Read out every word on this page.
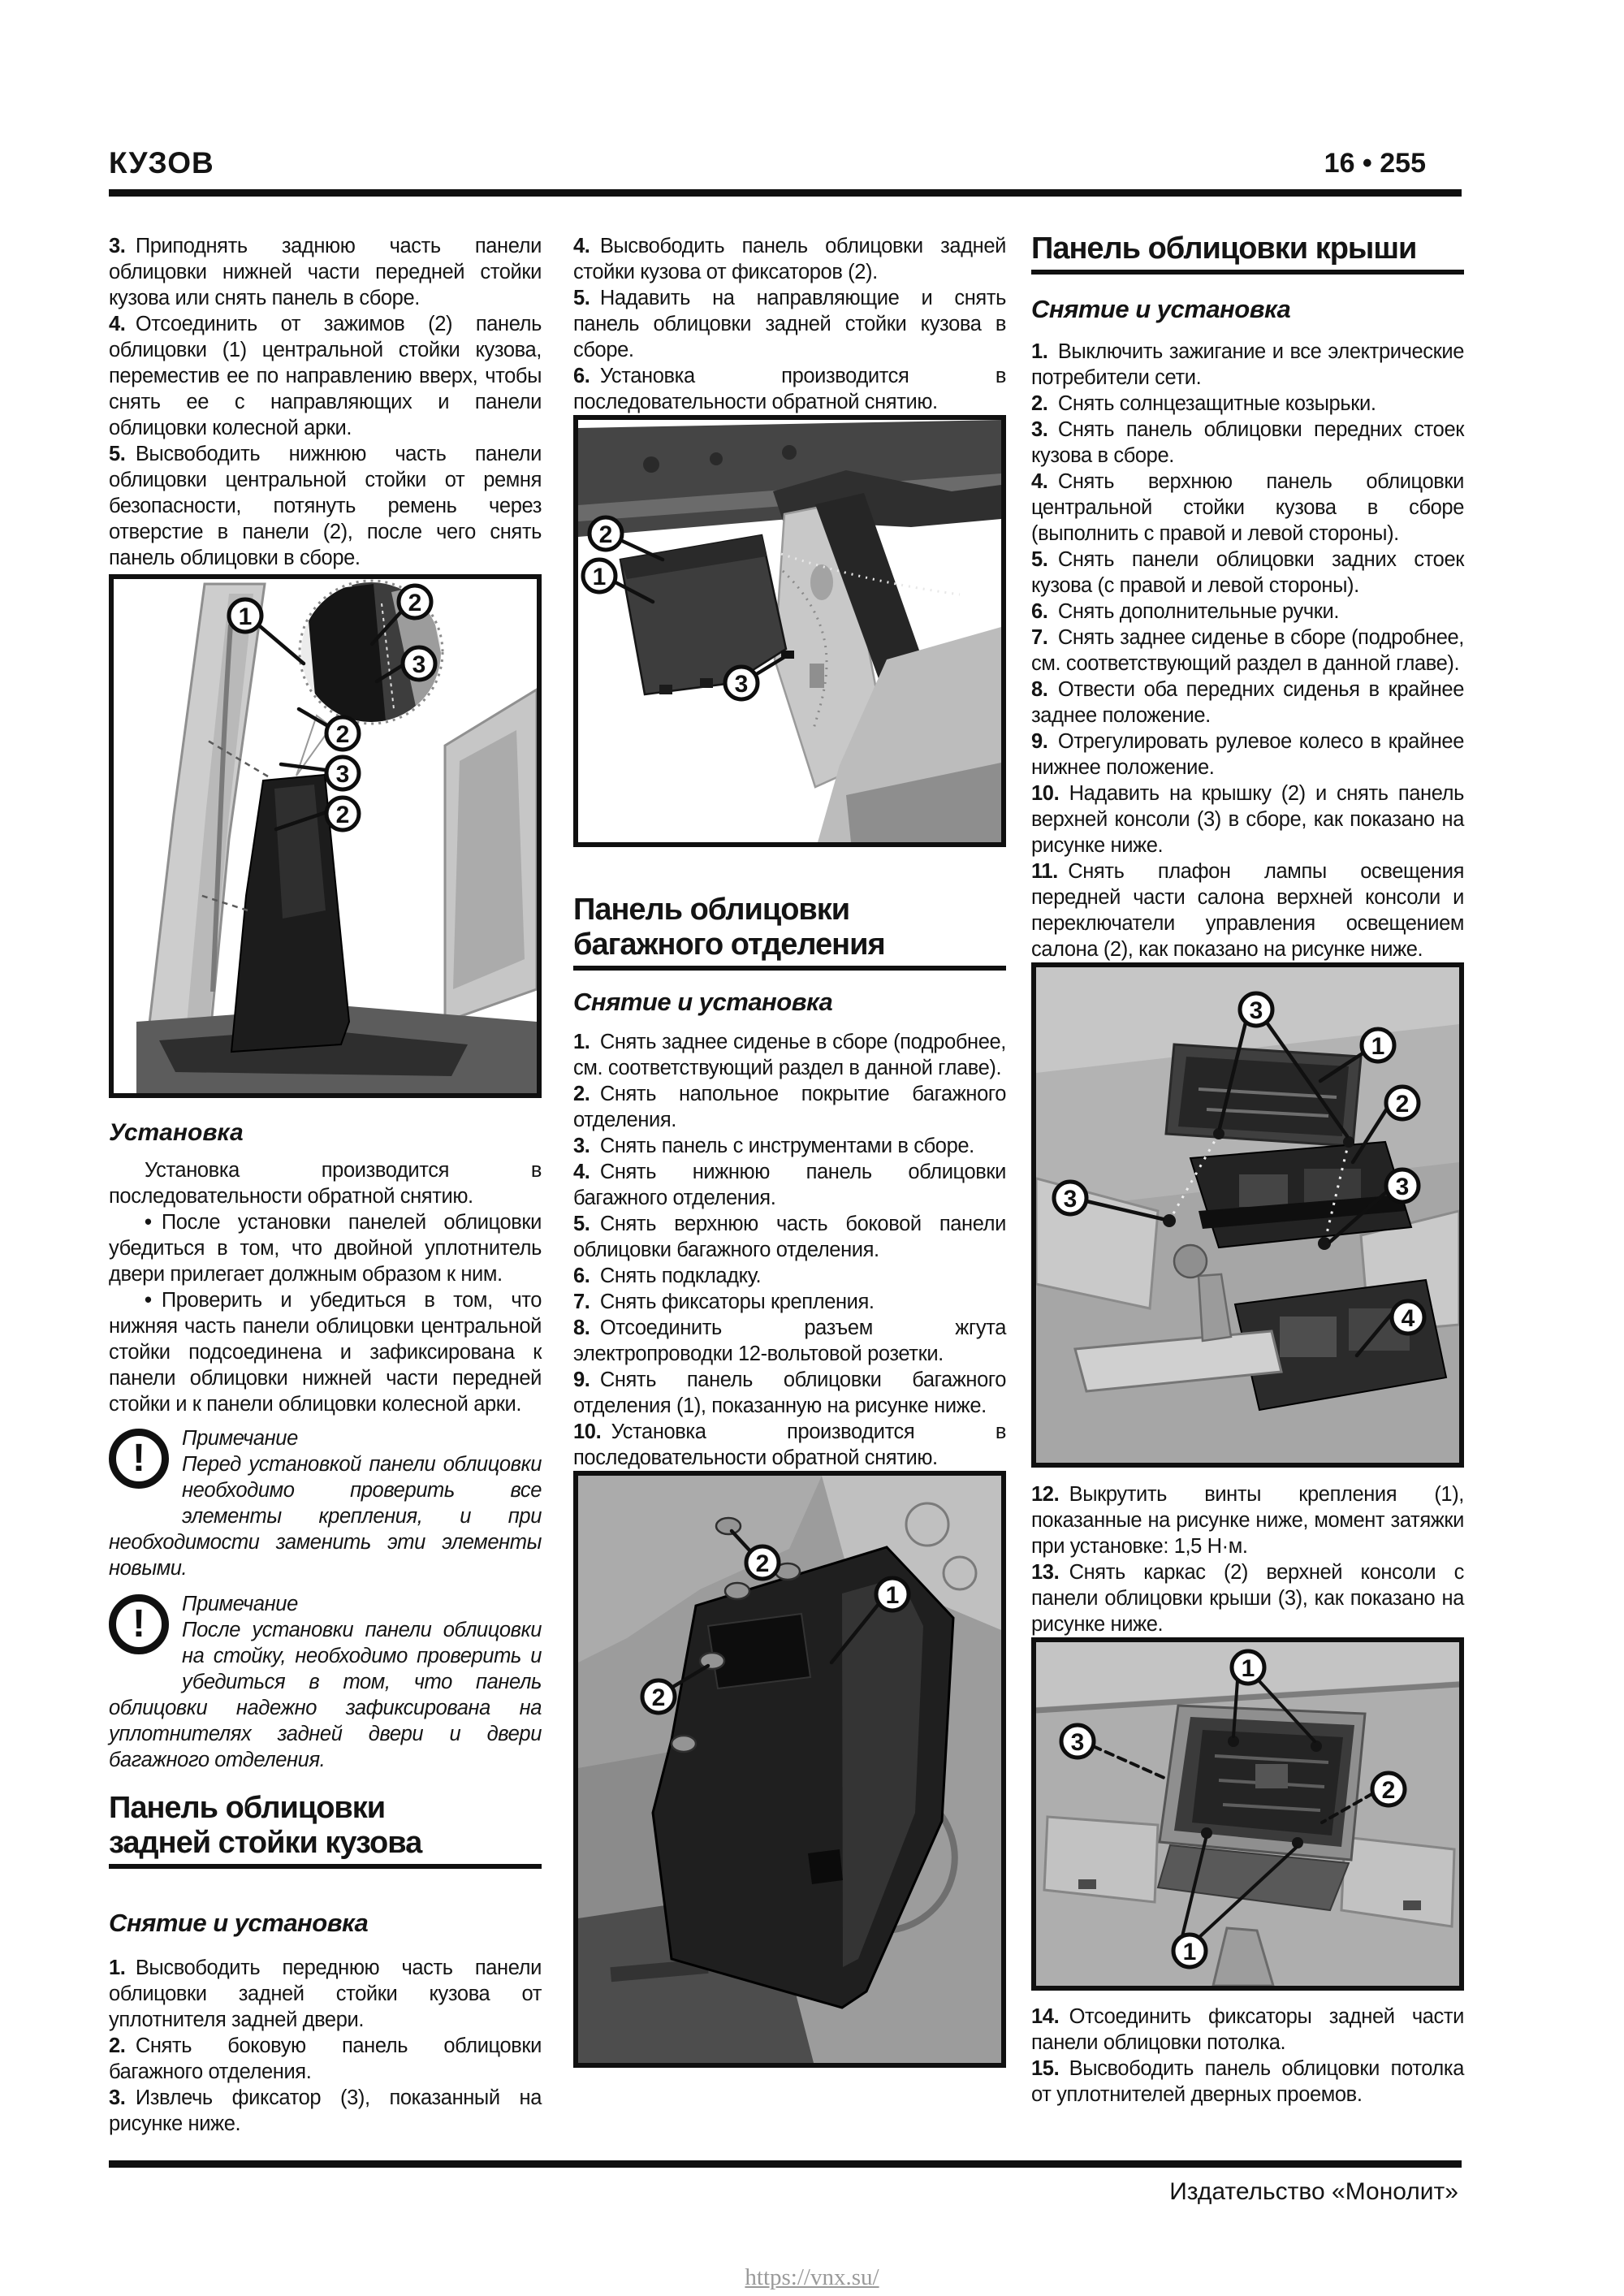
КУЗОВ	16 • 255

3. Приподнять заднюю часть панели облицовки нижней части передней стойки кузова или снять панель в сборе.

4. Отсоединить от зажимов (2) панель облицовки (1) центральной стойки кузова, переместив ее по направлению вверх, чтобы снять ее с направляющих и панели облицовки колесной арки.

5. Высвободить нижнюю часть панели облицовки центральной стойки от ремня безопасности, потянуть ремень через отверстие в панели (2), после чего снять панель облицовки в сборе.

1
2
3
2
3
2
Установка

Установка производится в последовательности обратной снятию.

• После установки панелей облицовки убедиться в том, что двойной уплотнитель двери прилегает должным образом к ним.

• Проверить и убедиться в том, что нижняя часть панели облицовки центральной стойки подсоединена и зафиксирована к панели облицовки нижней части передней стойки и к панели облицовки колесной арки.

!	Примечание
Перед установкой панели облицовки необходимо проверить все элементы крепления, и при необходимости заменить эти элементы новыми.

!	Примечание
После установки панели облицовки на стойку, необходимо проверить и убедиться в том, что панель облицовки надежно зафиксирована на уплотнителях задней двери и двери багажного отделения.

Панель облицовки
задней стойки кузова
Снятие и установка

1. Высвободить переднюю часть панели облицовки задней стойки кузова от уплотнителя задней двери.

2. Снять боковую панель облицовки багажного отделения.

3. Извлечь фиксатор (3), показанный на рисунке ниже.

4. Высвободить панель облицовки задней стойки кузова от фиксаторов (2).

5. Надавить на направляющие и снять панель облицовки задней стойки кузова в сборе.

6. Установка производится в последовательности обратной снятию.

2
1
3
Панель облицовки
багажного отделения
Снятие и установка

1. Снять заднее сиденье в сборе (подробнее, см. соответствующий раздел в данной главе).

2. Снять напольное покрытие багажного отделения.

3. Снять панель с инструментами в сборе.

4. Снять нижнюю панель облицовки багажного отделения.

5. Снять верхнюю часть боковой панели облицовки багажного отделения.

6. Снять подкладку.

7. Снять фиксаторы крепления.

8. Отсоединить разъем жгута электропроводки 12-вольтовой розетки.

9. Снять панель облицовки багажного отделения (1), показанную на рисунке ниже.

10. Установка производится в последовательности обратной снятию.

2
1
2
Панель облицовки крыши
Снятие и установка

1. Выключить зажигание и все электрические потребители сети.

2. Снять солнцезащитные козырьки.

3. Снять панель облицовки передних стоек кузова в сборе.

4. Снять верхнюю панель облицовки центральной стойки кузова в сборе (выполнить с правой и левой стороны).

5. Снять панели облицовки задних стоек кузова (с правой и левой стороны).

6. Снять дополнительные ручки.

7. Снять заднее сиденье в сборе (подробнее, см. соответствующий раздел в данной главе).

8. Отвести оба передних сиденья в крайнее заднее положение.

9. Отрегулировать рулевое колесо в крайнее нижнее положение.

10. Надавить на крышку (2) и снять панель верхней консоли (3) в сборе, как показано на рисунке ниже.

11. Снять плафон лампы освещения передней части салона верхней консоли и переключатели управления освещением салона (2), как показано на рисунке ниже.

3
1
2
3	3
4

12. Выкрутить винты крепления (1), показанные на рисунке ниже, момент затяжки при установке: 1,5 Н·м.

13. Снять каркас (2) верхней консоли с панели облицовки крыши (3), как показано на рисунке ниже.

1
3
2
1

14. Отсоединить фиксаторы задней части панели облицовки потолка.

15. Высвободить панель облицовки потолка от уплотнителей дверных проемов.

Издательство «Монолит»
https://vnx.su/
